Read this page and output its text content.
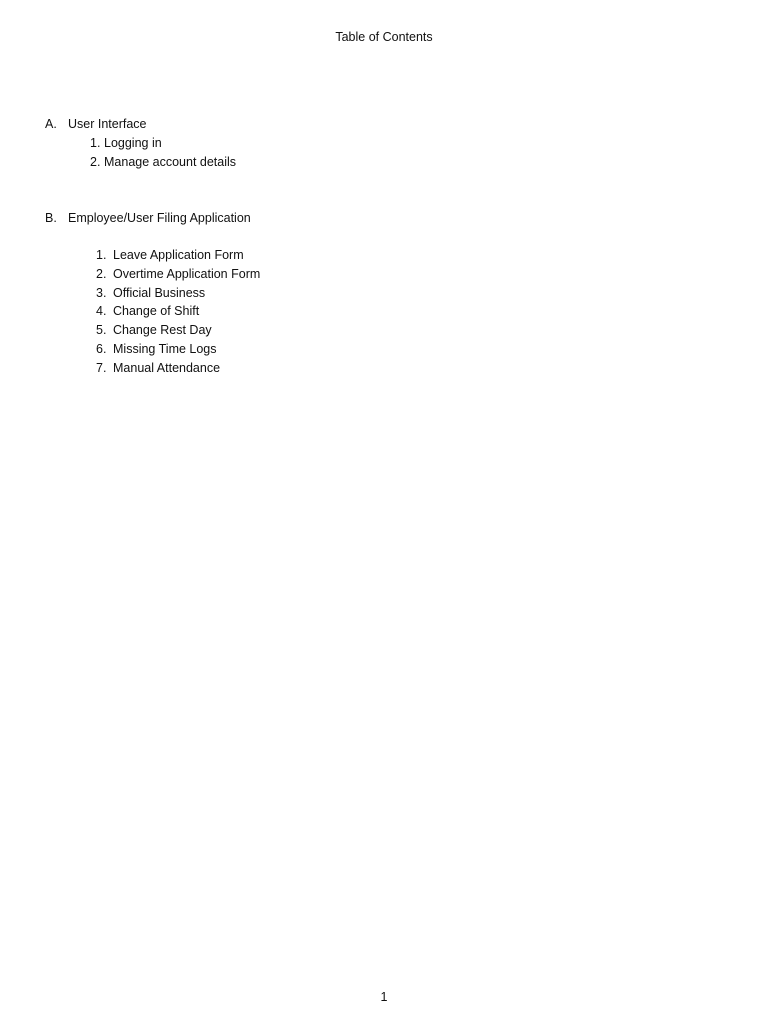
Table of Contents
A. User Interface
1. Logging in
2. Manage account details
B. Employee/User Filing Application
1. Leave Application Form
2. Overtime Application Form
3. Official Business
4. Change of Shift
5. Change Rest Day
6. Missing Time Logs
7. Manual Attendance
1
